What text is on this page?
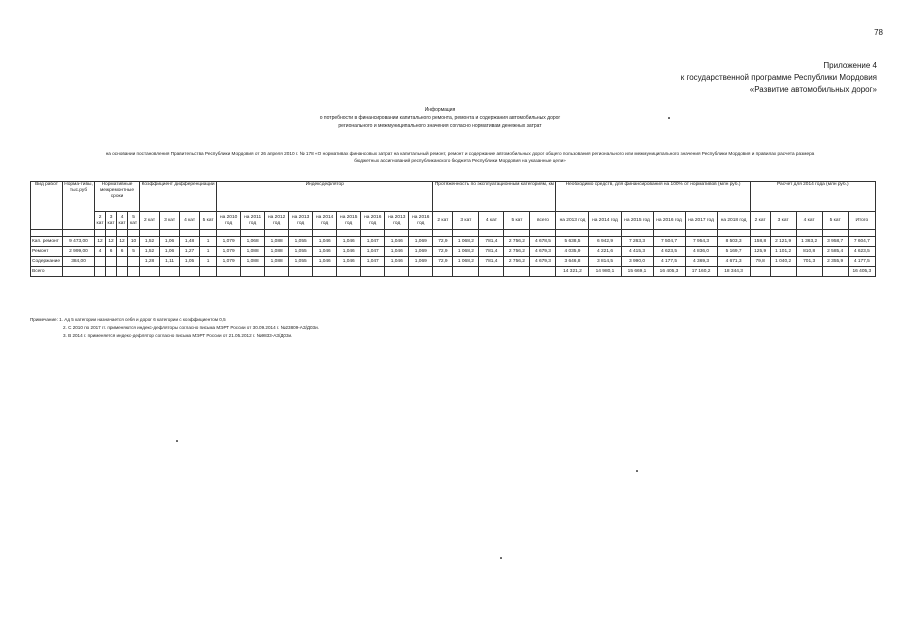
78
Приложение 4
к государственной программе Республики Мордовия
«Развитие автомобильных дорог»
Информация
о потребности в финансировании капитального ремонта, ремонта и содержания автомобильных дорог
регионального и межмуниципального значения согласно нормативам денежных затрат
на основании постановления Правительства Республики Мордовия от 26 апреля 2010 г. № 178 «О нормативах финансовых затрат на капитальный ремонт, ремонт и содержание автомобильных дорог общего пользования регионального или межмуниципального значения Республики Мордовия и правилах расчета размера
бюджетных ассигнований республиканского бюджета Республики Мордовия на указанные цели»
Вид работ	Норма-тивы, тыс.руб	Нормативные межремонтные сроки				Коэффициент дифференциации				Индексдефлятор									Протяженность по эксплуатационным категориям, км					Необходимо средств, для финансирования на 100% от нормативов (млн руб.)						Расчет для 2014 года (млн руб.)				
		2 кат	3 кат	4 кат	5 кат	2 кат	3 кат	4 кат	5 кат	на 2010 год	на 2011 год	на 2012 год	на 2013 год	на 2014 год	на 2015 год	на 2016 год	на 2013 год	на 2016 год	2 кат	3 кат	4 кат	5 кат	всего	на 2013 год	на 2014 год	на 2015 год	на 2016 год	на 2017 год	на 2018 год	2 кат	3 кат	4 кат	5 кат	Итого

Кап. ремонт	9 473,00	12	12	12	10	1,52	1,06	1,48	1	1,079	1,068	1,088	1,055	1,046	1,046	1,047	1,046	1,069	72,9	1 068,2	781,4	2 756,2	4 678,5	5 638,5	6 942,9	7 263,3	7 504,7	7 954,3	8 503,3	158,8	2 121,9	1 363,2	3 958,7	7 604,7
Ремонт	2 999,00	4	6	6	5	1,52	1,06	1,27	1	1,079	1,088	1,088	1,055	1,046	1,046	1,047	1,046	1,069	72,9	1 068,2	781,4	2 756,2	4 679,3	4 035,9	4 221,6	4 415,3	4 623,5	4 836,0	5 169,7	125,9	1 101,2	810,8	2 585,4	4 623,5
Содержание	384,00					1,28	1,11	1,05	1	1,079	1,088	1,088	1,055	1,046	1,046	1,047	1,046	1,069	72,9	1 068,2	781,4	2 756,2	4 679,3	3 646,8	3 814,5	3 990,0	4 177,5	4 369,3	4 671,3	79,8	1 040,2	701,3	2 355,9	4 177,5
Всего																								14 321,2	14 980,1	15 669,1	16 405,3	17 160,2	18 344,3					16 405,3
Примечание: 1. Ад 5 категории назначается себя и дорог 6 категории с коэффициентом 0,5
2. С 2010 по 2017 гг. применяются индекс-дефляторы согласно письма МЭРТ России от 30.09.2014 г. №23809-АЗ/Д03и.
3. В 2014 г. применяется индекс-дефлятор согласно письма МЭРТ России от 21.05.2012 г. №9833-АЗ/Д03и.
